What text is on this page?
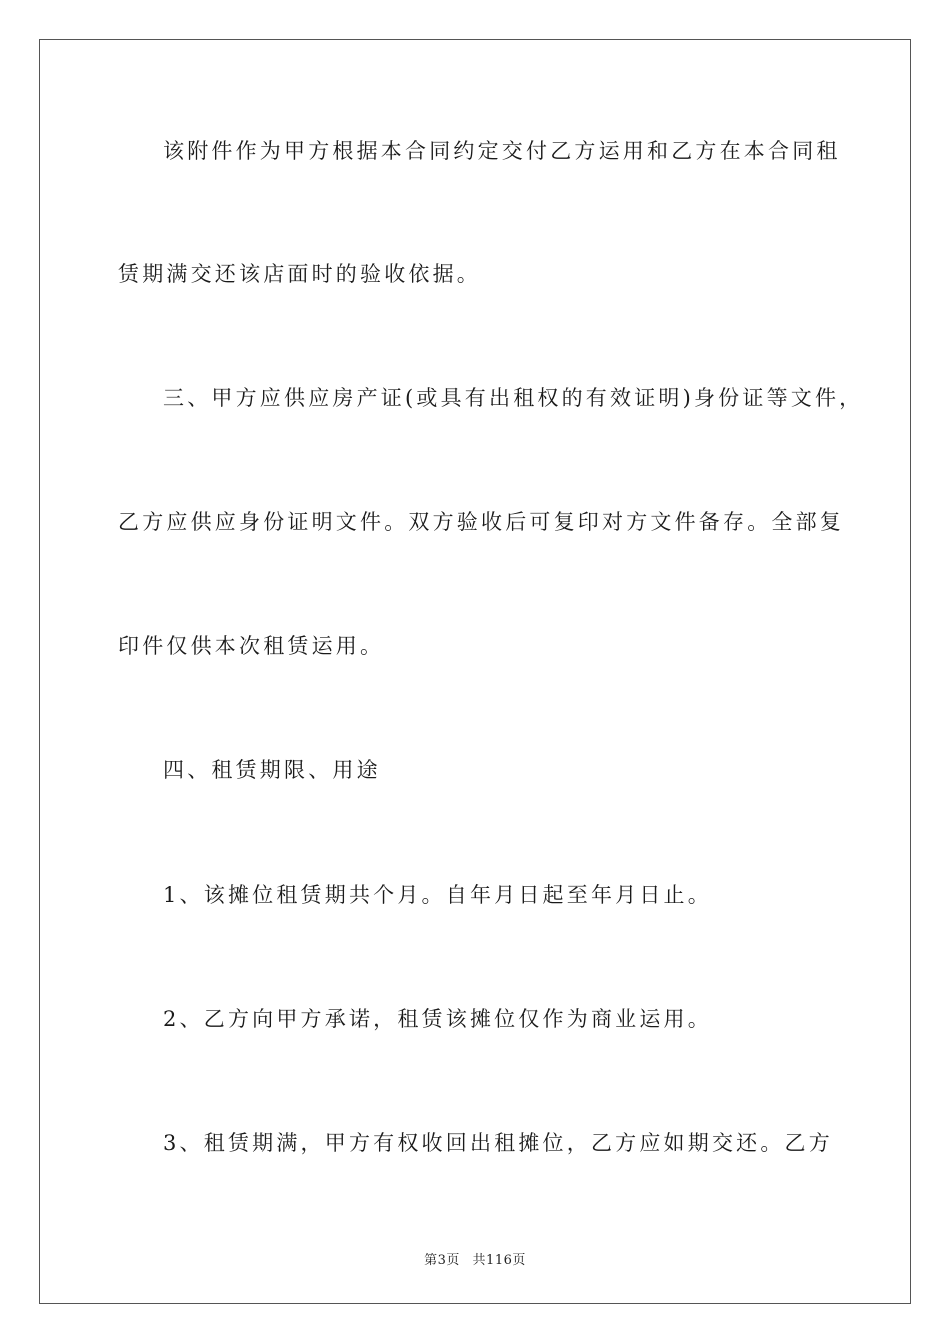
该附件作为甲方根据本合同约定交付乙方运用和乙方在本合同租
赁期满交还该店面时的验收依据。
三、甲方应供应房产证(或具有出租权的有效证明)身份证等文件，
乙方应供应身份证明文件。双方验收后可复印对方文件备存。全部复
印件仅供本次租赁运用。
四、租赁期限、用途
1、该摊位租赁期共个月。自年月日起至年月日止。
2、乙方向甲方承诺，租赁该摊位仅作为商业运用。
3、租赁期满，甲方有权收回出租摊位，乙方应如期交还。乙方
第3页 共116页
